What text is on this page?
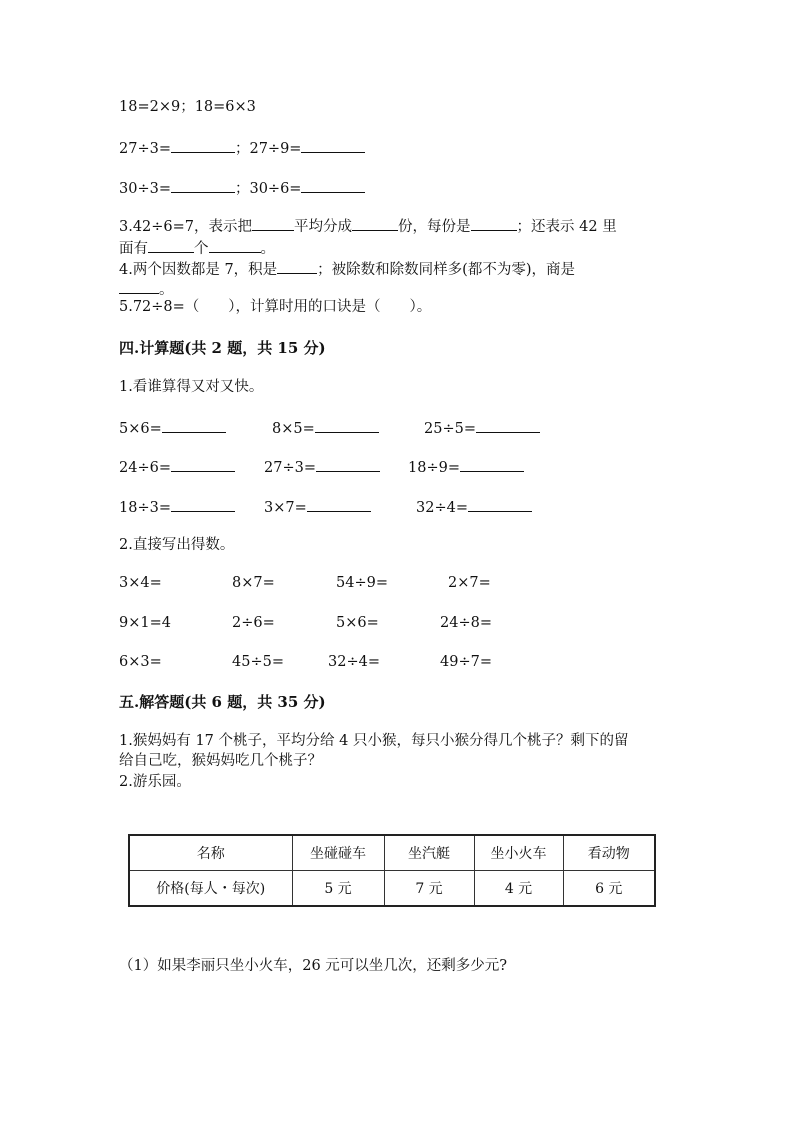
18=2×9；18=6×3
27÷3=	；27÷9=
30÷3=	；30÷6=
3.42÷6=7，表示把	平均分成	份，每份是	；还表示 42 里
面有	个	。
4.两个因数都是 7，积是	；被除数和除数同样多(都不为零)，商是
。
5.72÷8=（　　），计算时用的口诀是（　　）。
四.计算题(共 2 题，共 15 分)
1.看谁算得又对又快。
5×6=	8×5=	25÷5=
24÷6=	27÷3=	18÷9=
18÷3=	3×7=	32÷4=
2.直接写出得数。
3×4=	8×7=	54÷9=	2×7=
9×1=4	2÷6=	5×6=	24÷8=
6×3=	45÷5=	32÷4=	49÷7=
五.解答题(共 6 题，共 35 分)
1.猴妈妈有 17 个桃子，平均分给 4 只小猴，每只小猴分得几个桃子？剩下的留
给自己吃，猴妈妈吃几个桃子？
2.游乐园。
名称	坐碰碰车	坐汽艇	坐小火车	看动物
价格(每人・每次)	5 元	7 元	4 元	6 元
（1）如果李丽只坐小火车，26 元可以坐几次，还剩多少元?
